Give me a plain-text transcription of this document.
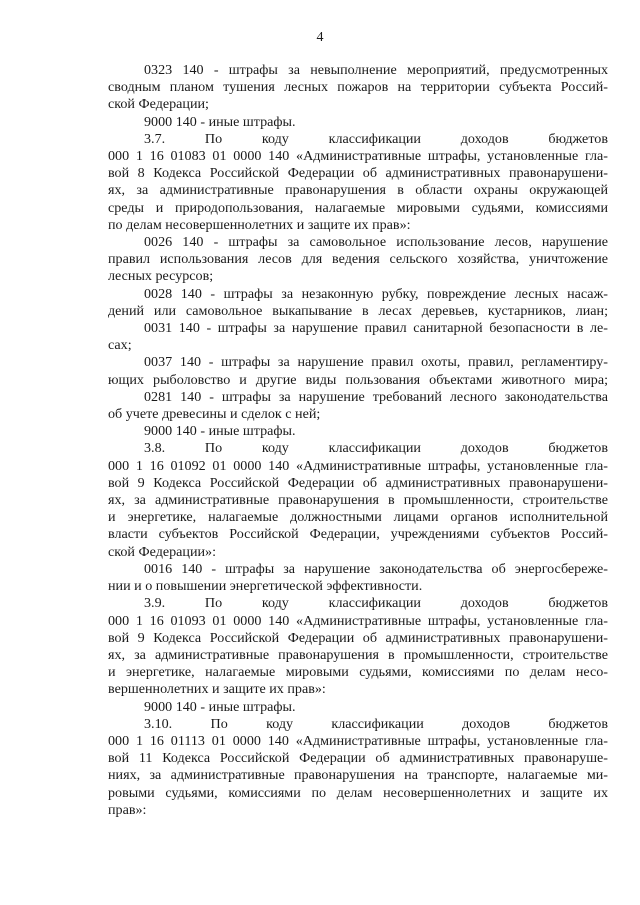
4
0323 140 - штрафы за невыполнение мероприятий, предусмотренных
сводным планом тушения лесных пожаров на территории субъекта Россий-
ской Федерации;
9000 140 - иные штрафы.
3.7. По коду классификации доходов бюджетов
000 1 16 01083 01 0000 140 «Административные штрафы, установленные гла-
вой 8 Кодекса Российской Федерации об административных правонарушени-
ях, за административные правонарушения в области охраны окружающей
среды и природопользования, налагаемые мировыми судьями, комиссиями
по делам несовершеннолетних и защите их прав»:
0026 140 - штрафы за самовольное использование лесов, нарушение
правил использования лесов для ведения сельского хозяйства, уничтожение
лесных ресурсов;
0028 140 - штрафы за незаконную рубку, повреждение лесных насаж-
дений или самовольное выкапывание в лесах деревьев, кустарников, лиан;
0031 140 - штрафы за нарушение правил санитарной безопасности в ле-
сах;
0037 140 - штрафы за нарушение правил охоты, правил, регламентиру-
ющих рыболовство и другие виды пользования объектами животного мира;
0281 140 - штрафы за нарушение требований лесного законодательства
об учете древесины и сделок с ней;
9000 140 - иные штрафы.
3.8. По коду классификации доходов бюджетов
000 1 16 01092 01 0000 140 «Административные штрафы, установленные гла-
вой 9 Кодекса Российской Федерации об административных правонарушени-
ях, за административные правонарушения в промышленности, строительстве
и энергетике, налагаемые должностными лицами органов исполнительной
власти субъектов Российской Федерации, учреждениями субъектов Россий-
ской Федерации»:
0016 140 - штрафы за нарушение законодательства об энергосбереже-
нии и о повышении энергетической эффективности.
3.9. По коду классификации доходов бюджетов
000 1 16 01093 01 0000 140 «Административные штрафы, установленные гла-
вой 9 Кодекса Российской Федерации об административных правонарушени-
ях, за административные правонарушения в промышленности, строительстве
и энергетике, налагаемые мировыми судьями, комиссиями по делам несо-
вершеннолетних и защите их прав»:
9000 140 - иные штрафы.
3.10. По коду классификации доходов бюджетов
000 1 16 01113 01 0000 140 «Административные штрафы, установленные гла-
вой 11 Кодекса Российской Федерации об административных правонаруше-
ниях, за административные правонарушения на транспорте, налагаемые ми-
ровыми судьями, комиссиями по делам несовершеннолетних и защите их
прав»:
